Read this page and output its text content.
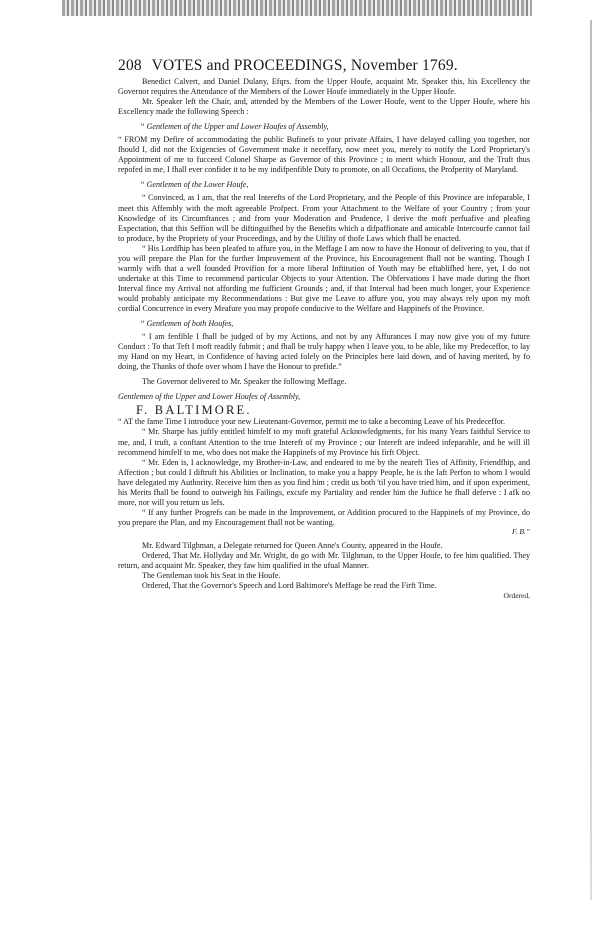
208 VOTES and PROCEEDINGS, November 1769.

Benedict Calvert, and Daniel Dulany, Efqrs. from the Upper Houfe, acquaint Mr. Speaker this, his Excellency the Governor requires the Attendance of the Members of the Lower Houfe immediately in the Upper Houfe.

Mr. Speaker left the Chair, and, attended by the Members of the Lower Houfe, went to the Upper Houfe, where his Excellency made the following Speech :

“ Gentlemen of the Upper and Lower Houfes of Assembly,

“ FROM my Defire of accommodating the public Bufinefs to your private Affairs, I have delayed calling you together, nor fhould I, did not the Exigencies of Government make it neceffary, now meet you, merely to notify the Lord Proprietary's Appointment of me to fucceed Colonel Sharpe as Governor of this Province ; to merit which Honour, and the Truft thus repofed in me, I fhall ever confider it to be my indifpenfible Duty to promote, on all Occafions, the Profperity of Maryland.

“ Gentlemen of the Lower Houfe,

“ Convinced, as I am, that the real Interefts of the Lord Proprietary, and the People of this Province are infeparable, I meet this Affembly with the moft agreeable Profpect. From your Attachment to the Welfare of your Country ; from your Knowledge of its Circumftances ; and from your Moderation and Prudence, I derive the moft perfuafive and pleafing Expectation, that this Seffion will be diftinguifhed by the Benefits which a difpaffionate and amicable Intercourfe cannot fail to produce, by the Propriety of your Proceedings, and by the Utility of thofe Laws which fhall be enacted.

“ His Lordfhip has been pleafed to affure you, in the Meffage I am now to have the Honour of delivering to you, that if you will prepare the Plan for the further Improvement of the Province, his Encouragement fhall not be wanting. Though I warmly wifh that a well founded Provifion for a more liberal Inftitution of Youth may be eftablifhed here, yet, I do not undertake at this Time to recommend particular Objects to your Attention. The Obfervations I have made during the fhort Interval fince my Arrival not affording me fufficient Grounds ; and, if that Interval had been much longer, your Experience would probably anticipate my Recommendations : But give me Leave to affure you, you may always rely upon my moft cordial Concurrence in every Meafure you may propofe conducive to the Welfare and Happinefs of the Province.

“ Gentlemen of both Houfes,

“ I am fenfible I fhall be judged of by my Actions, and not by any Affurances I may now give you of my future Conduct : To that Teft I moft readily fubmit ; and fhall be truly happy when I leave you, to be able, like my Predeceffor, to lay my Hand on my Heart, in Confidence of having acted folely on the Principles here laid down, and of having merited, by fo doing, the Thanks of thofe over whom I have the Honour to prefide.”

The Governor delivered to Mr. Speaker the following Meffage.

Gentlemen of the Upper and Lower Houfes of Assembly,

F. BALTIMORE.

“ AT the fame Time I introduce your new Lieutenant-Governor, permit me to take a becoming Leave of his Predeceffor.

“ Mr. Sharpe has juftly entitled himfelf to my moft grateful Acknowledgments, for his many Years faithful Service to me, and, I truft, a conftant Attention to the true Intereft of my Province ; our Intereft are indeed infeparable, and he will ill recommend himfelf to me, who does not make the Happinefs of my Province his firft Object.

“ Mr. Eden is, I acknowledge, my Brother-in-Law, and endeared to me by the neareft Ties of Affinity, Friendfhip, and Affection ; but could I diftruft his Abilities or Inclination, to make you a happy People, he is the laft Perfon to whom I would have delegated my Authority. Receive him then as you find him ; credit us both 'til you have tried him, and if upon experiment, his Merits fhall be found to outweigh his Failings, excufe my Partiality and render him the Juftice he fhall deferve : I afk no more, nor will you return us lefs.

“ If any further Progrefs can be made in the Improvement, or Addition procured to the Happinefs of my Province, do you prepare the Plan, and my Encouragement fhall not be wanting.

F. B.”

Mr. Edward Tilghman, a Delegate returned for Queen Anne's County, appeared in the Houfe.

Ordered, That Mr. Hollyday and Mr. Wright, do go with Mr. Tilghman, to the Upper Houfe, to fee him qualified. They return, and acquaint Mr. Speaker, they faw him qualified in the ufual Manner.

The Gentleman took his Seat in the Houfe.

Ordered, That the Governor's Speech and Lord Baltimore's Meffage be read the Firft Time.

Ordered,
